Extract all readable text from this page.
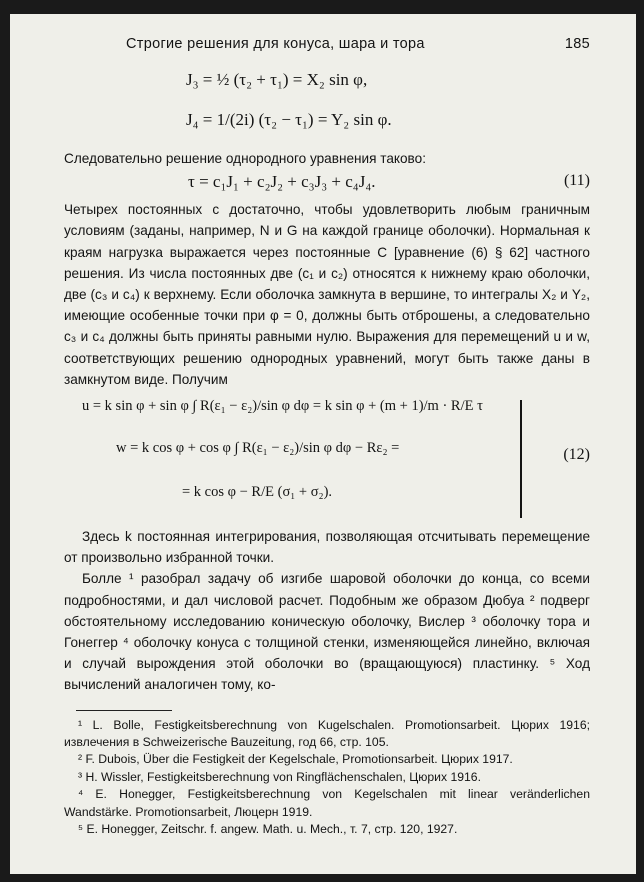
Строгие решения для конуса, шара и тора	185
J₃ = ½ (τ₂ + τ₁) = X₂ sin φ,
J₄ = 1/(2i) (τ₂ − τ₁) = Y₂ sin φ.

Следовательно решение однородного уравнения таково:

τ = c₁J₁ + c₂J₂ + c₃J₃ + c₄J₄.	(11)

Четырех постоянных c достаточно, чтобы удовлетворить любым граничным условиям (заданы, например, N и G на каждой границе оболочки). Нормальная к краям нагрузка выражается через постоянные C [уравнение (6) § 62] частного решения. Из числа постоянных две (c₁ и c₂) относятся к нижнему краю оболочки, две (c₃ и c₄) к верхнему. Если оболочка замкнута в вершине, то интегралы X₂ и Y₂, имеющие особенные точки при φ = 0, должны быть отброшены, а следовательно c₃ и c₄ должны быть приняты равными нулю. Выражения для перемещений u и w, соответствующих решению однородных уравнений, могут быть также даны в замкнутом виде. Получим

u = k sin φ + sin φ ∫ R(ε₁ − ε₂)/sin φ dφ = k sin φ + (m + 1)/m · R/E τ
w = k cos φ + cos φ ∫ R(ε₁ − ε₂)/sin φ dφ − Rε₂ =
= k cos φ − R/E (σ₁ + σ₂).
(12)

Здесь k постоянная интегрирования, позволяющая отсчитывать перемещение от произвольно избранной точки.

Болле ¹ разобрал задачу об изгибе шаровой оболочки до конца, со всеми подробностями, и дал числовой расчет. Подобным же образом Дюбуа ² подверг обстоятельному исследованию коническую оболочку, Вислер ³ оболочку тора и Гонеггер ⁴ оболочку конуса с толщиной стенки, изменяющейся линейно, включая и случай вырождения этой оболочки во (вращающуюся) пластинку. ⁵ Ход вычислений аналогичен тому, ко-

¹ L. Bolle, Festigkeitsberechnung von Kugelschalen. Promotionsarbeit. Цюрих 1916; извлечения в Schweizerische Bauzeitung, год 66, стр. 105.

² F. Dubois, Über die Festigkeit der Kegelschale, Promotionsarbeit. Цюрих 1917.

³ H. Wissler, Festigkeitsberechnung von Ringflächenschalen, Цюрих 1916.

⁴ E. Honegger, Festigkeitsberechnung von Kegelschalen mit linear veränderlichen Wandstärke. Promotionsarbeit, Люцерн 1919.

⁵ E. Honegger, Zeitschr. f. angew. Math. u. Mech., т. 7, стр. 120, 1927.
